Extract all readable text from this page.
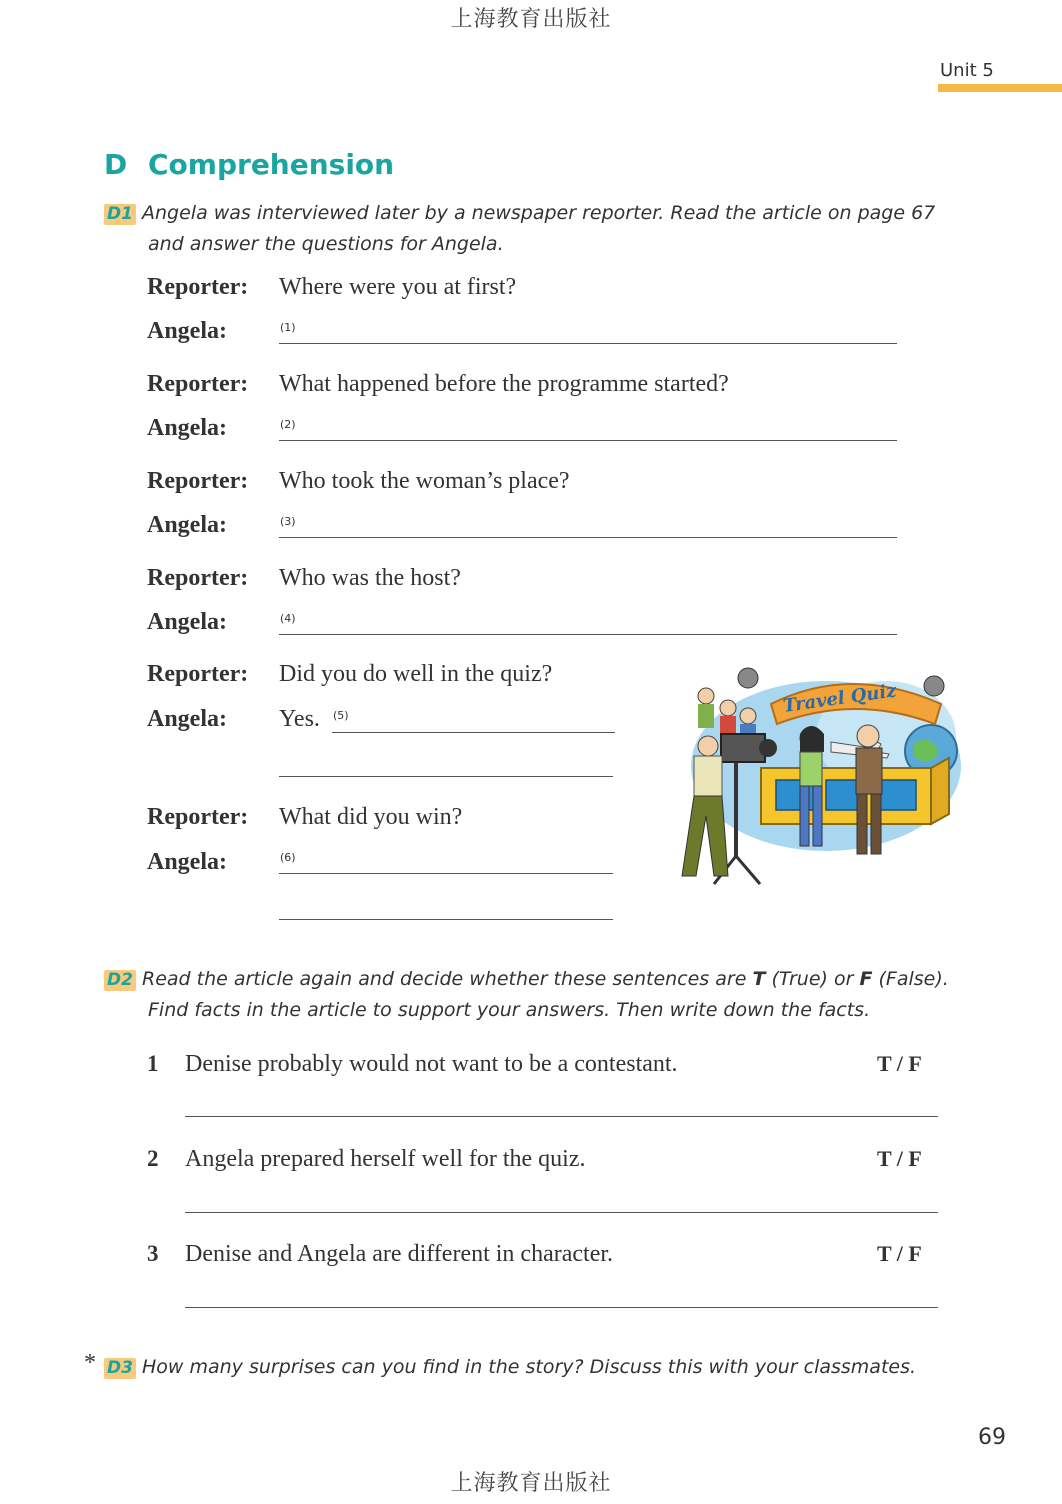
上海教育出版社
Unit 5
D Comprehension
D1 Angela was interviewed later by a newspaper reporter. Read the article on page 67
and answer the questions for Angela.
Reporter: Where were you at first?
Angela:	(1)
Reporter: What happened before the programme started?
Angela:	(2)
Reporter: Who took the woman’s place?
Angela:	(3)
Reporter: Who was the host?
Angela:	(4)
Reporter: Did you do well in the quiz?
Angela: Yes. (5)
Reporter: What did you win?
Angela:	(6)
Travel Quiz
D2 Read the article again and decide whether these sentences are T (True) or F (False).
Find facts in the article to support your answers. Then write down the facts.
1 Denise probably would not want to be a contestant.	T / F
2 Angela prepared herself well for the quiz.	T / F
3 Denise and Angela are different in character.	T / F
* D3 How many surprises can you find in the story? Discuss this with your classmates.
69
上海教育出版社
